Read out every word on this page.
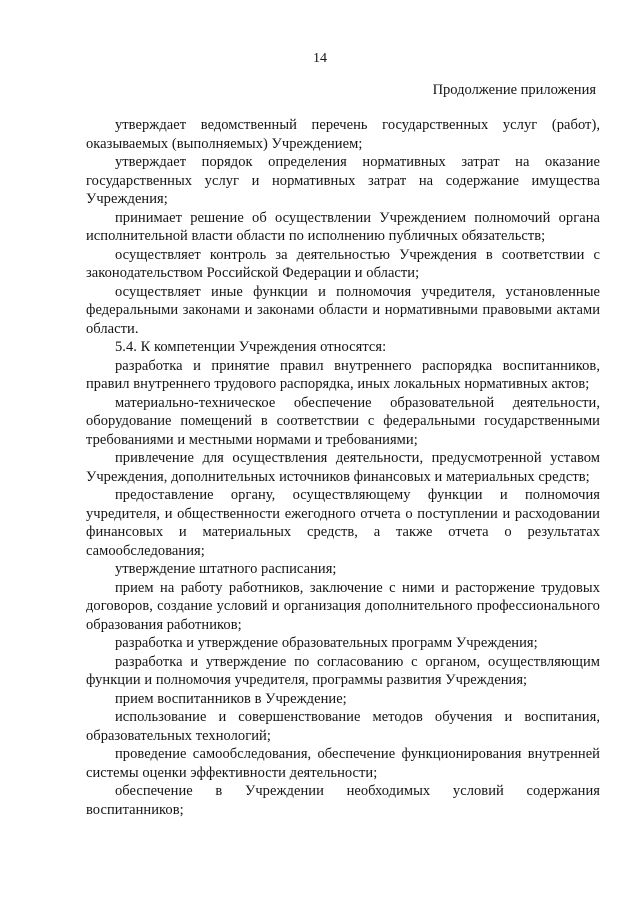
14
Продолжение приложения

утверждает ведомственный перечень государственных услуг (работ), оказываемых (выполняемых) Учреждением;

утверждает порядок определения нормативных затрат на оказание государственных услуг и нормативных затрат на содержание имущества Учреждения;

принимает решение об осуществлении Учреждением полномочий органа исполнительной власти области по исполнению публичных обязательств;

осуществляет контроль за деятельностью Учреждения в соответствии с законодательством Российской Федерации и области;

осуществляет иные функции и полномочия учредителя, установленные федеральными законами и законами области и нормативными правовыми актами области.

5.4. К компетенции Учреждения относятся:

разработка и принятие правил внутреннего распорядка воспитанников, правил внутреннего трудового распорядка, иных локальных нормативных актов;

материально-техническое обеспечение образовательной деятельности, оборудование помещений в соответствии с федеральными государственными требованиями и местными нормами и требованиями;

привлечение для осуществления деятельности, предусмотренной уставом Учреждения, дополнительных источников финансовых и материальных средств;

предоставление органу, осуществляющему функции и полномочия учредителя, и общественности ежегодного отчета о поступлении и расходовании финансовых и материальных средств, а также отчета о результатах самообследования;

утверждение штатного расписания;

прием на работу работников, заключение с ними и расторжение трудовых договоров, создание условий и организация дополнительного профессионального образования работников;

разработка и утверждение образовательных программ Учреждения;

разработка и утверждение по согласованию с органом, осуществляющим функции и полномочия учредителя, программы развития Учреждения;

прием воспитанников в Учреждение;

использование и совершенствование методов обучения и воспитания, образовательных технологий;

проведение самообследования, обеспечение функционирования внутренней системы оценки эффективности деятельности;

обеспечение в Учреждении необходимых условий содержания воспитанников;
